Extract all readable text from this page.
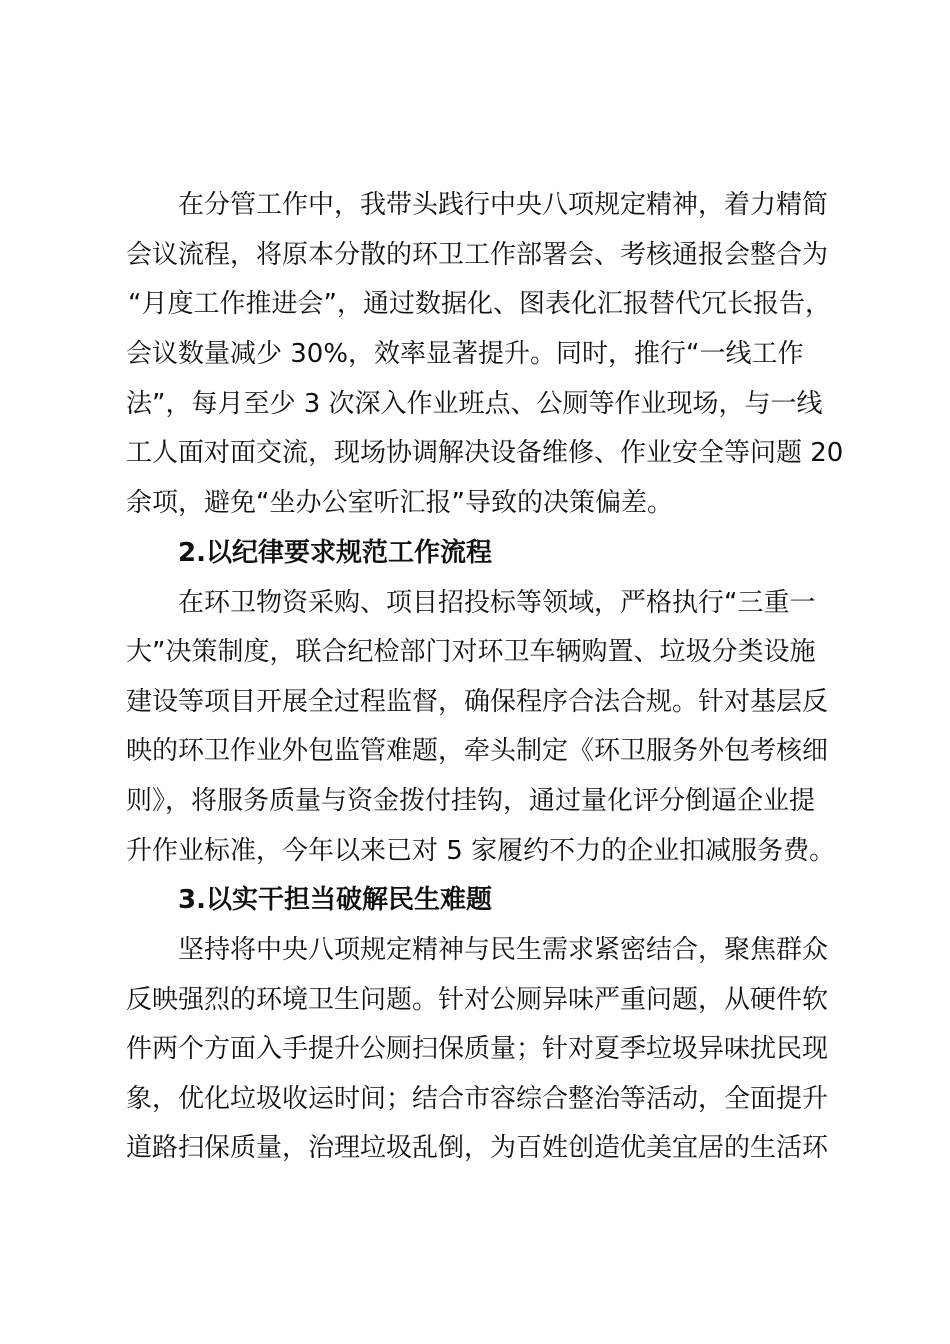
在分管工作中，我带头践行中央八项规定精神，着力精简
会议流程，将原本分散的环卫工作部署会、考核通报会整合为
“月度工作推进会”，通过数据化、图表化汇报替代冗长报告，
会议数量减少 30%，效率显著提升。同时，推行“一线工作
法”，每月至少 3 次深入作业班点、公厕等作业现场，与一线
工人面对面交流，现场协调解决设备维修、作业安全等问题 20
余项，避免“坐办公室听汇报”导致的决策偏差。
2.以纪律要求规范工作流程
在环卫物资采购、项目招投标等领域，严格执行“三重一
大”决策制度，联合纪检部门对环卫车辆购置、垃圾分类设施
建设等项目开展全过程监督，确保程序合法合规。针对基层反
映的环卫作业外包监管难题，牵头制定《环卫服务外包考核细
则》，将服务质量与资金拨付挂钩，通过量化评分倒逼企业提
升作业标准，今年以来已对 5 家履约不力的企业扣减服务费。
3.以实干担当破解民生难题
坚持将中央八项规定精神与民生需求紧密结合，聚焦群众
反映强烈的环境卫生问题。针对公厕异味严重问题，从硬件软
件两个方面入手提升公厕扫保质量；针对夏季垃圾异味扰民现
象，优化垃圾收运时间；结合市容综合整治等活动，全面提升
道路扫保质量，治理垃圾乱倒，为百姓创造优美宜居的生活环
